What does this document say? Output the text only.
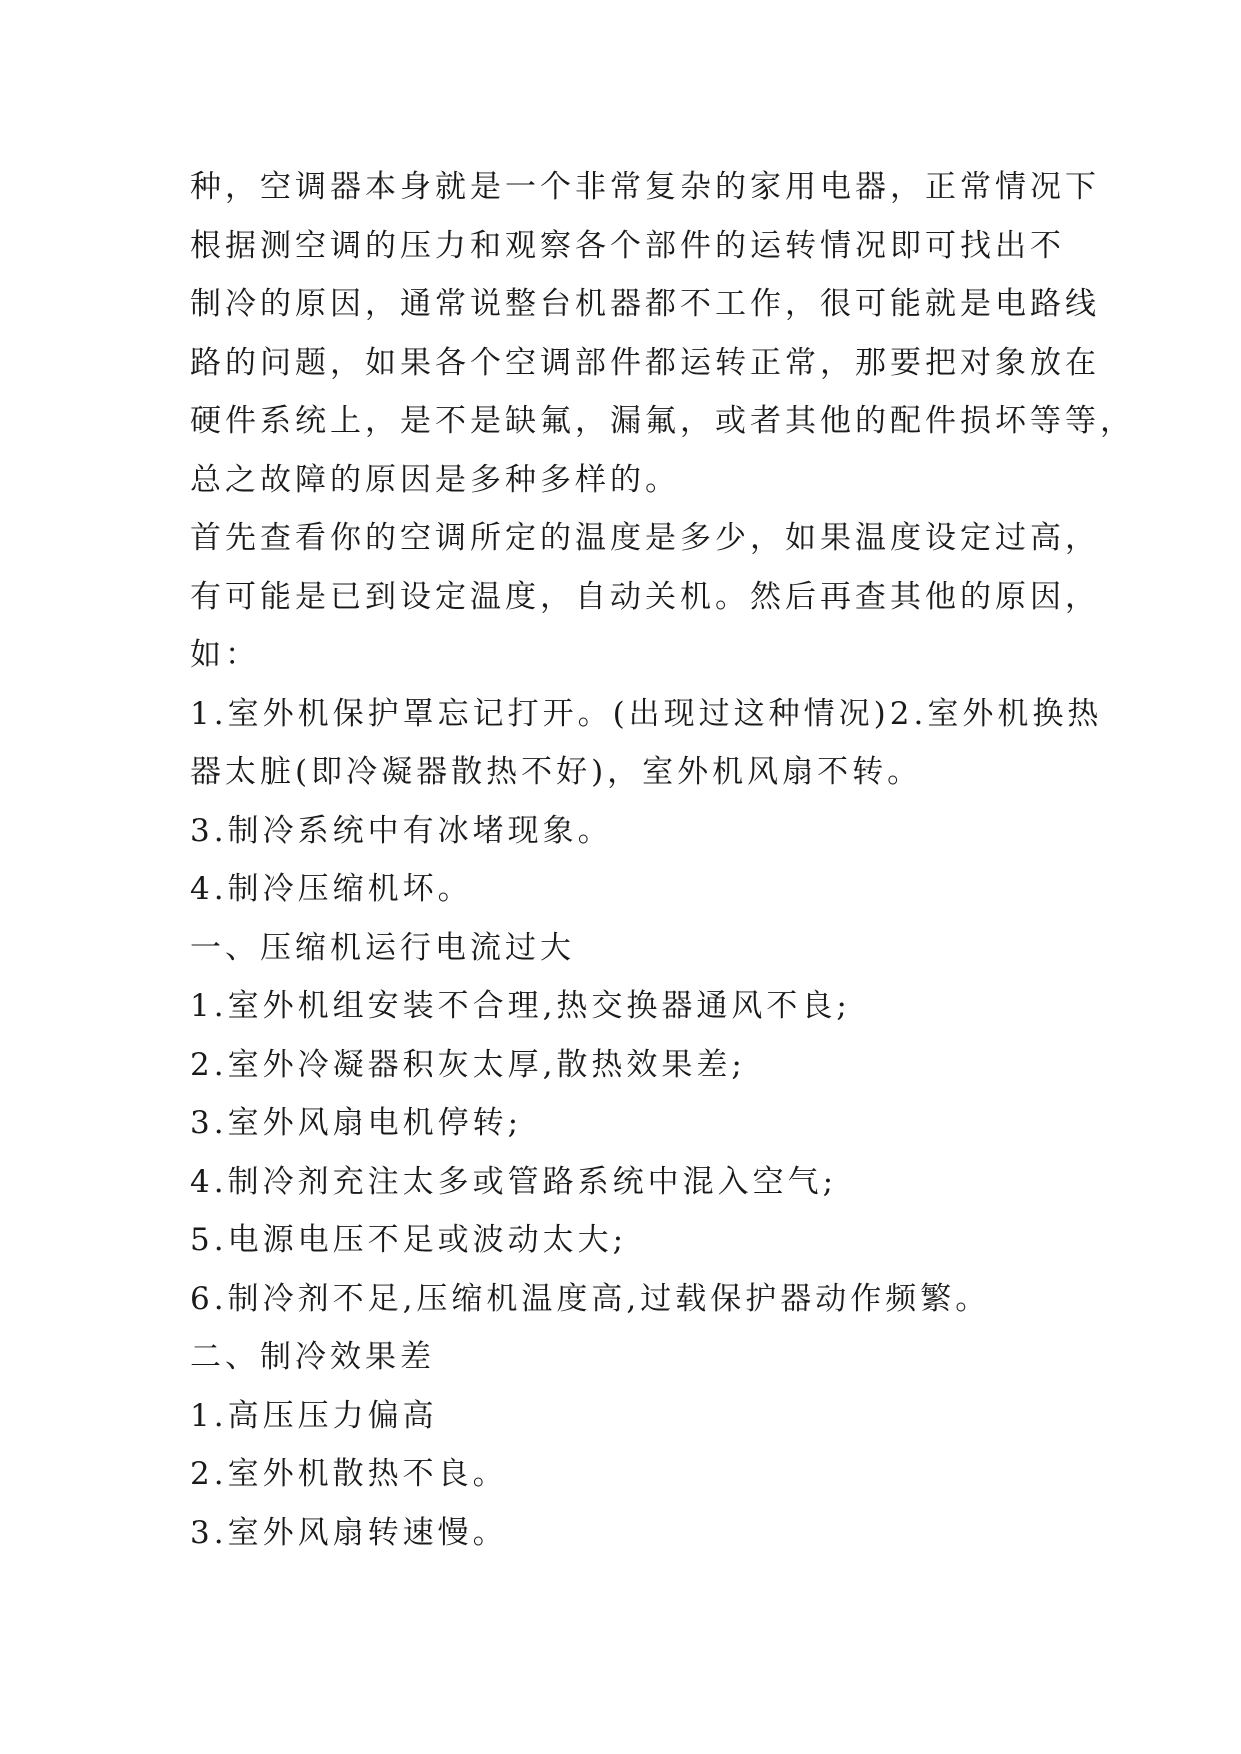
种，空调器本身就是一个非常复杂的家用电器，正常情况下
根据测空调的压力和观察各个部件的运转情况即可找出不
制冷的原因，通常说整台机器都不工作，很可能就是电路线
路的问题，如果各个空调部件都运转正常，那要把对象放在
硬件系统上，是不是缺氟，漏氟，或者其他的配件损坏等等，
总之故障的原因是多种多样的。
首先查看你的空调所定的温度是多少，如果温度设定过高，
有可能是已到设定温度，自动关机。然后再查其他的原因，
如：
1.室外机保护罩忘记打开。(出现过这种情况)2.室外机换热
器太脏(即冷凝器散热不好)，室外机风扇不转。
3.制冷系统中有冰堵现象。
4.制冷压缩机坏。
一、压缩机运行电流过大
1.室外机组安装不合理,热交换器通风不良;
2.室外冷凝器积灰太厚,散热效果差;
3.室外风扇电机停转;
4.制冷剂充注太多或管路系统中混入空气;
5.电源电压不足或波动太大;
6.制冷剂不足,压缩机温度高,过载保护器动作频繁。
二、制冷效果差
1.高压压力偏高
2.室外机散热不良。
3.室外风扇转速慢。
